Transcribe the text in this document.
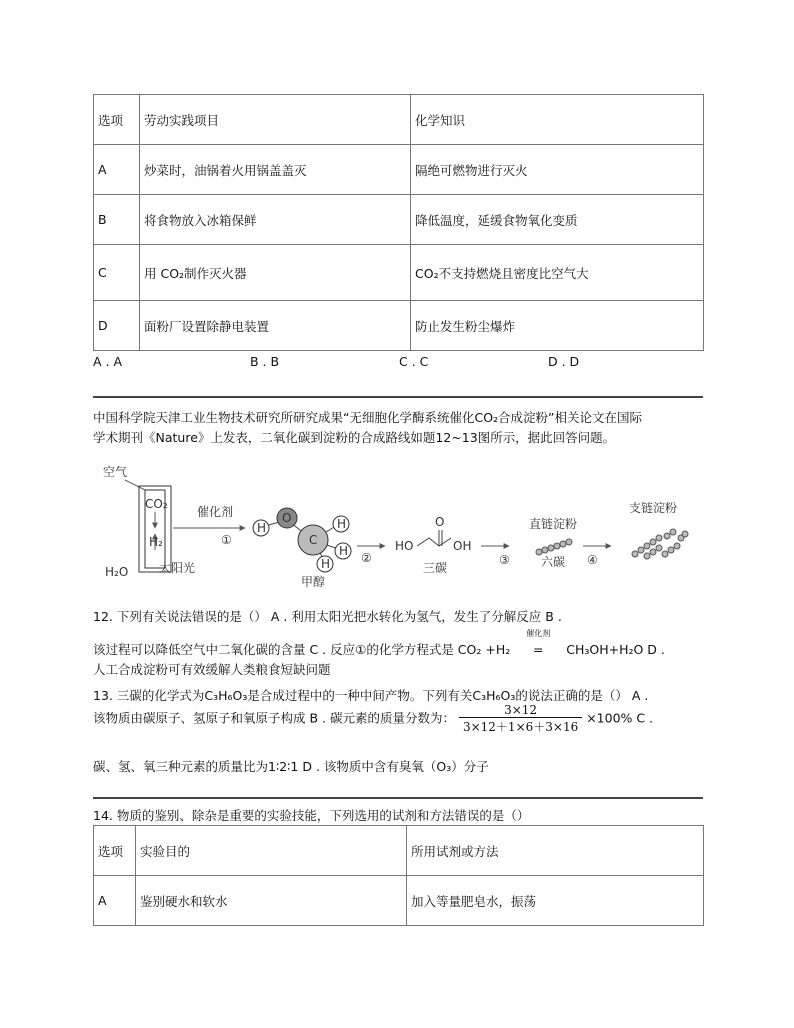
选项	劳动实践项目	化学知识
A	炒菜时，油锅着火用锅盖盖灭	隔绝可燃物进行灭火
B	将食物放入冰箱保鲜	降低温度，延缓食物氧化变质
C	用 CO₂制作灭火器	CO₂不支持燃烧且密度比空气大
D	面粉厂设置除静电装置	防止发生粉尘爆炸
A . A	B . B	C . C	D . D
中国科学院天津工业生物技术研究所研究成果“无细胞化学酶系统催化CO₂合成淀粉”相关论文在国际
学术期刊《Nature》上发表，二氧化碳到淀粉的合成路线如题12~13图所示，据此回答问题。
空气
CO₂
H₂
H₂O	太阳光
催化剂
①
H
O
C
H
H
H
甲醇
②
HO
O
OH
三碳
③
直链淀粉
六碳 ④
支链淀粉
12. 下列有关说法错误的是（） A . 利用太阳光把水转化为氢气，发生了分解反应 B .
该过程可以降低空气中二氧化碳的含量 C . 反应①的化学方程式是 CO₂ +H₂
催化剂
= CH₃OH+H₂O D .
人工合成淀粉可有效缓解人类粮食短缺问题
13. 三碳的化学式为C₃H₆O₃是合成过程中的一种中间产物。下列有关C₃H₆O₃的说法正确的是（） A .
该物质由碳原子、氢原子和氧原子构成 B . 碳元素的质量分数为： $\frac{3\times 12}{3\times 12+1\times 6+3\times 16} \times 100\%$ C .
碳、氢、氧三种元素的质量比为1∶2∶1 D . 该物质中含有臭氧（O₃）分子
14. 物质的鉴别、除杂是重要的实验技能，下列选用的试剂和方法错误的是（）
选项	实验目的	所用试剂或方法
A	鉴别硬水和软水	加入等量肥皂水，振荡
